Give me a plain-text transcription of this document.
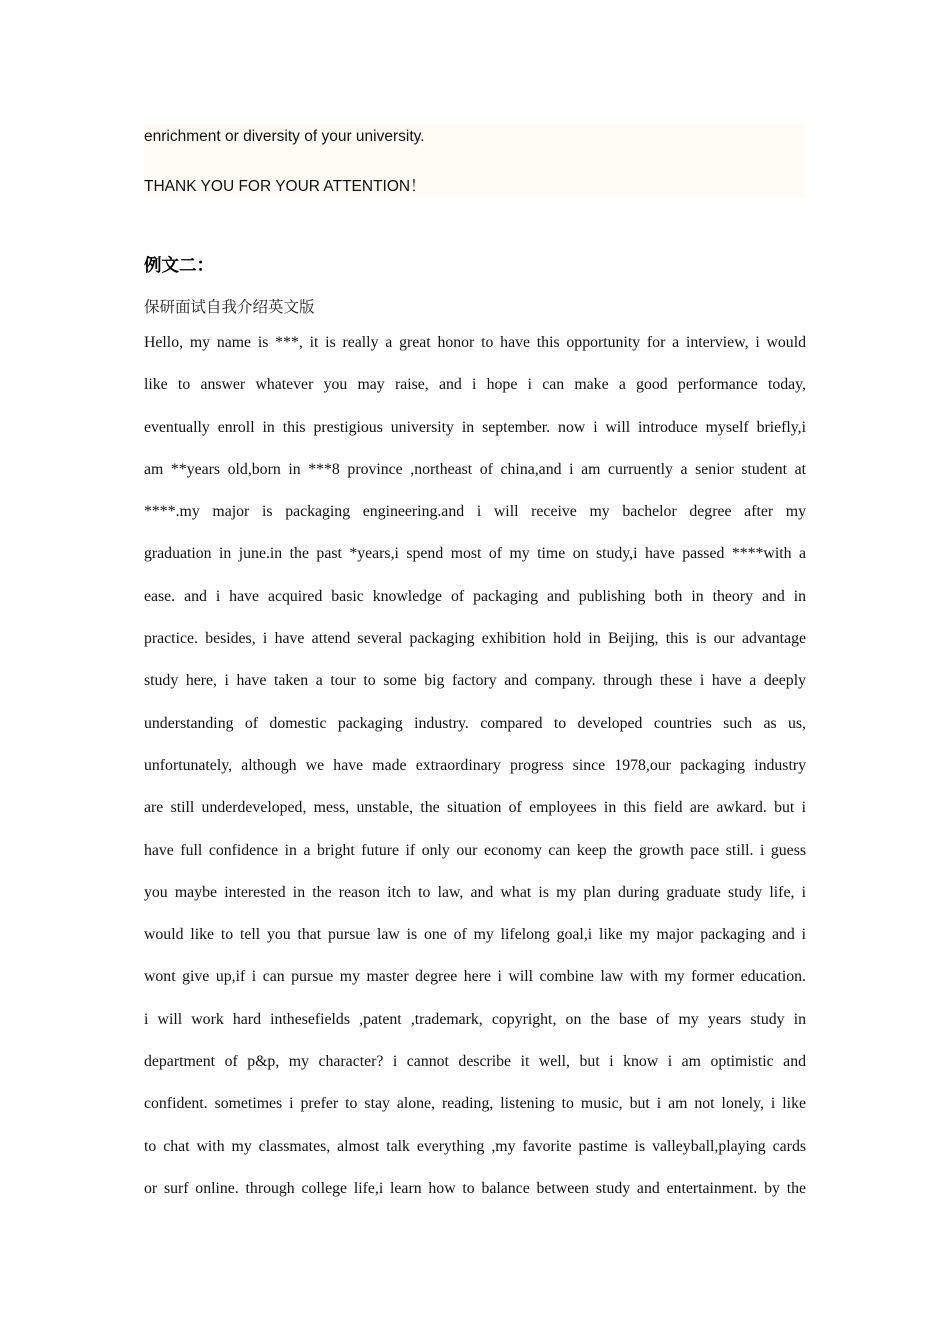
enrichment or diversity of your university.
THANK YOU FOR YOUR ATTENTION！
例文二：
保研面试自我介绍英文版
Hello, my name is ***, it is really a great honor to have this opportunity for a interview, i would
like to answer whatever you may raise, and i hope i can make a good performance today,
eventually enroll in this prestigious university in september. now i will introduce myself briefly,i
am **years old,born in ***8 province ,northeast of china,and i am curruently a senior student at
****.my major is packaging engineering.and i will receive my bachelor degree after my
graduation in june.in the past *years,i spend most of my time on study,i have passed ****with a
ease. and i have acquired basic knowledge of packaging and publishing both in theory and in
practice. besides, i have attend several packaging exhibition hold in Beijing, this is our advantage
study here, i have taken a tour to some big factory and company. through these i have a deeply
understanding of domestic packaging industry. compared to developed countries such as us,
unfortunately, although we have made extraordinary progress since 1978,our packaging industry
are still underdeveloped, mess, unstable, the situation of employees in this field are awkard. but i
have full confidence in a bright future if only our economy can keep the growth pace still. i guess
you maybe interested in the reason itch to law, and what is my plan during graduate study life, i
would like to tell you that pursue law is one of my lifelong goal,i like my major packaging and i
wont give up,if i can pursue my master degree here i will combine law with my former education.
i will work hard inthesefields ,patent ,trademark, copyright, on the base of my years study in
department of p&p, my character? i cannot describe it well, but i know i am optimistic and
confident. sometimes i prefer to stay alone, reading, listening to music, but i am not lonely, i like
to chat with my classmates, almost talk everything ,my favorite pastime is valleyball,playing cards
or surf online. through college life,i learn how to balance between study and entertainment. by the
